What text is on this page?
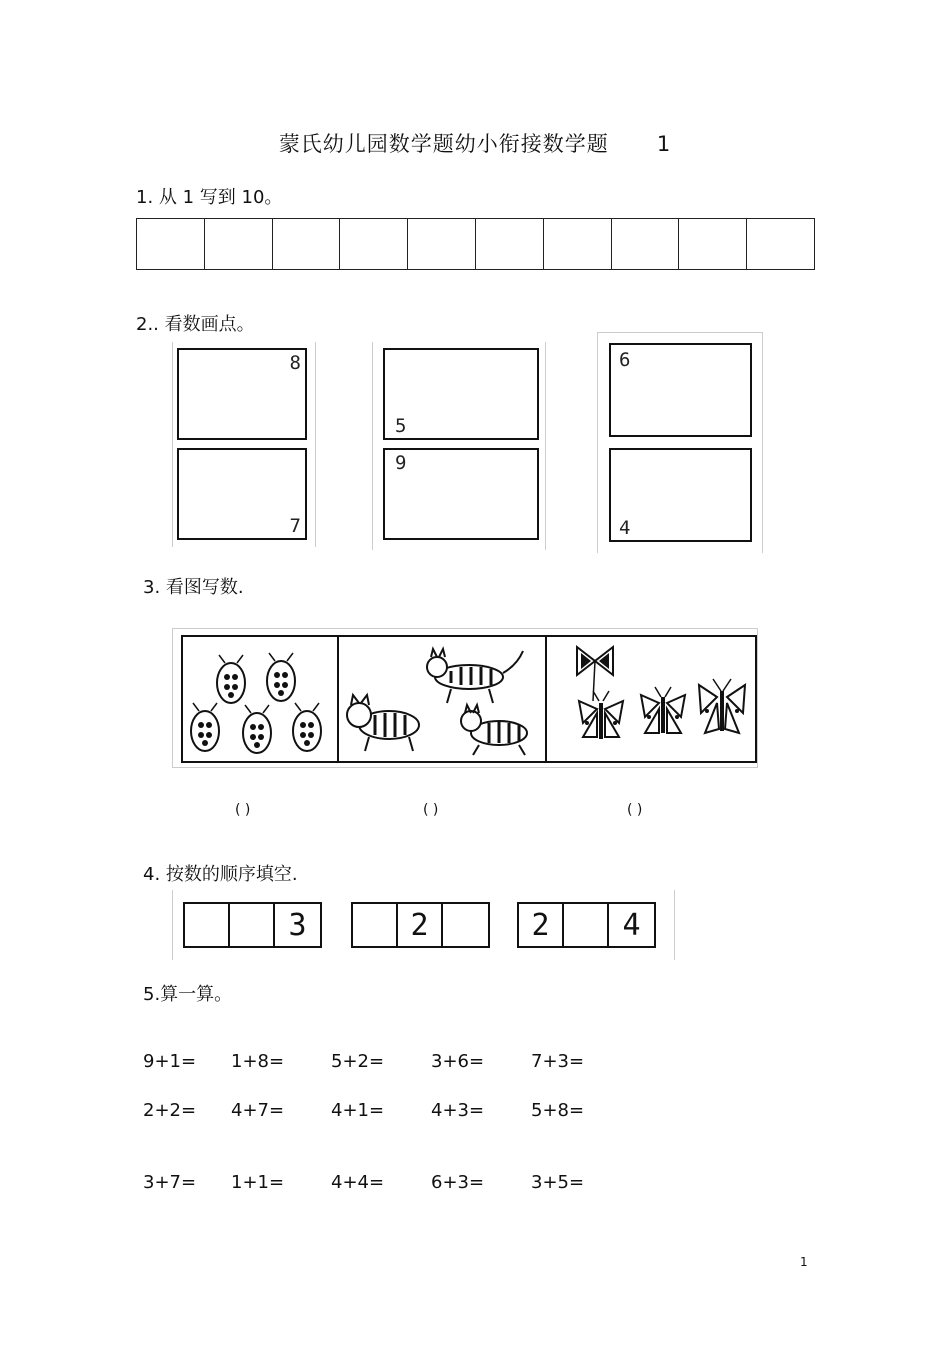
蒙氏幼儿园数学题幼小衔接数学题 1
1. 从 1 写到 10。
2.. 看数画点。
8
7
5
9
6
4
3. 看图写数.
( )	( )	( )
4. 按数的顺序填空.
3	2	2	4
5.算一算。
9+1= 1+8=	5+2=	3+6=	7+3=
2+2= 4+7=	4+1=	4+3=	5+8=
3+7= 1+1=	4+4=	6+3=	3+5=
1
